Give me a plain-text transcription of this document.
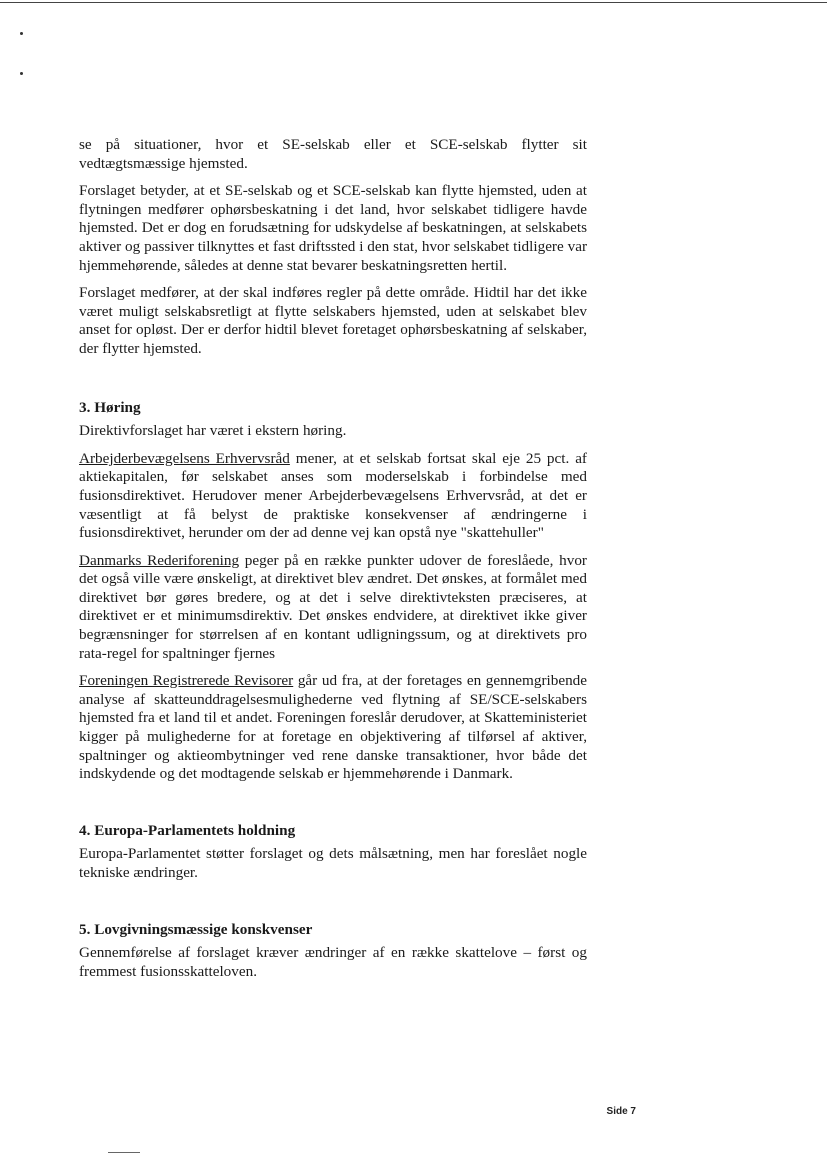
se på situationer, hvor et SE-selskab eller et SCE-selskab flytter sit vedtægtsmæssige hjemsted.

Forslaget betyder, at et SE-selskab og et SCE-selskab kan flytte hjemsted, uden at flytningen medfører ophørsbeskatning i det land, hvor selskabet tidligere havde hjemsted. Det er dog en forudsætning for udskydelse af beskatningen, at selskabets aktiver og passiver tilknyttes et fast driftssted i den stat, hvor selskabet tidligere var hjemmehørende, således at denne stat bevarer beskatningsretten hertil.

Forslaget medfører, at der skal indføres regler på dette område. Hidtil har det ikke været muligt selskabsretligt at flytte selskabers hjemsted, uden at selskabet blev anset for opløst. Der er derfor hidtil blevet foretaget ophørsbeskatning af selskaber, der flytter hjemsted.

3. Høring

Direktivforslaget har været i ekstern høring.

Arbejderbevægelsens Erhvervsråd mener, at et selskab fortsat skal eje 25 pct. af aktiekapitalen, før selskabet anses som moderselskab i forbindelse med fusionsdirektivet. Herudover mener Arbejderbevægelsens Erhvervsråd, at det er væsentligt at få belyst de praktiske konsekvenser af ændringerne i fusionsdirektivet, herunder om der ad denne vej kan opstå nye "skattehuller"

Danmarks Rederiforening peger på en række punkter udover de foreslåede, hvor det også ville være ønskeligt, at direktivet blev ændret. Det ønskes, at formålet med direktivet bør gøres bredere, og at det i selve direktivteksten præciseres, at direktivet er et minimumsdirektiv. Det ønskes endvidere, at direktivet ikke giver begrænsninger for størrelsen af en kontant udligningssum, og at direktivets pro rata-regel for spaltninger fjernes

Foreningen Registrerede Revisorer går ud fra, at der foretages en gennemgribende analyse af skatteunddragelsesmulighederne ved flytning af SE/SCE-selskabers hjemsted fra et land til et andet. Foreningen foreslår derudover, at Skatteministeriet kigger på mulighederne for at foretage en objektivering af tilførsel af aktiver, spaltninger og aktieombytninger ved rene danske transaktioner, hvor både det indskydende og det modtagende selskab er hjemmehørende i Danmark.

4. Europa-Parlamentets holdning

Europa-Parlamentet støtter forslaget og dets målsætning, men har foreslået nogle tekniske ændringer.

5. Lovgivningsmæssige konskvenser

Gennemførelse af forslaget kræver ændringer af en række skattelove – først og fremmest fusionsskatteloven.

Side 7
